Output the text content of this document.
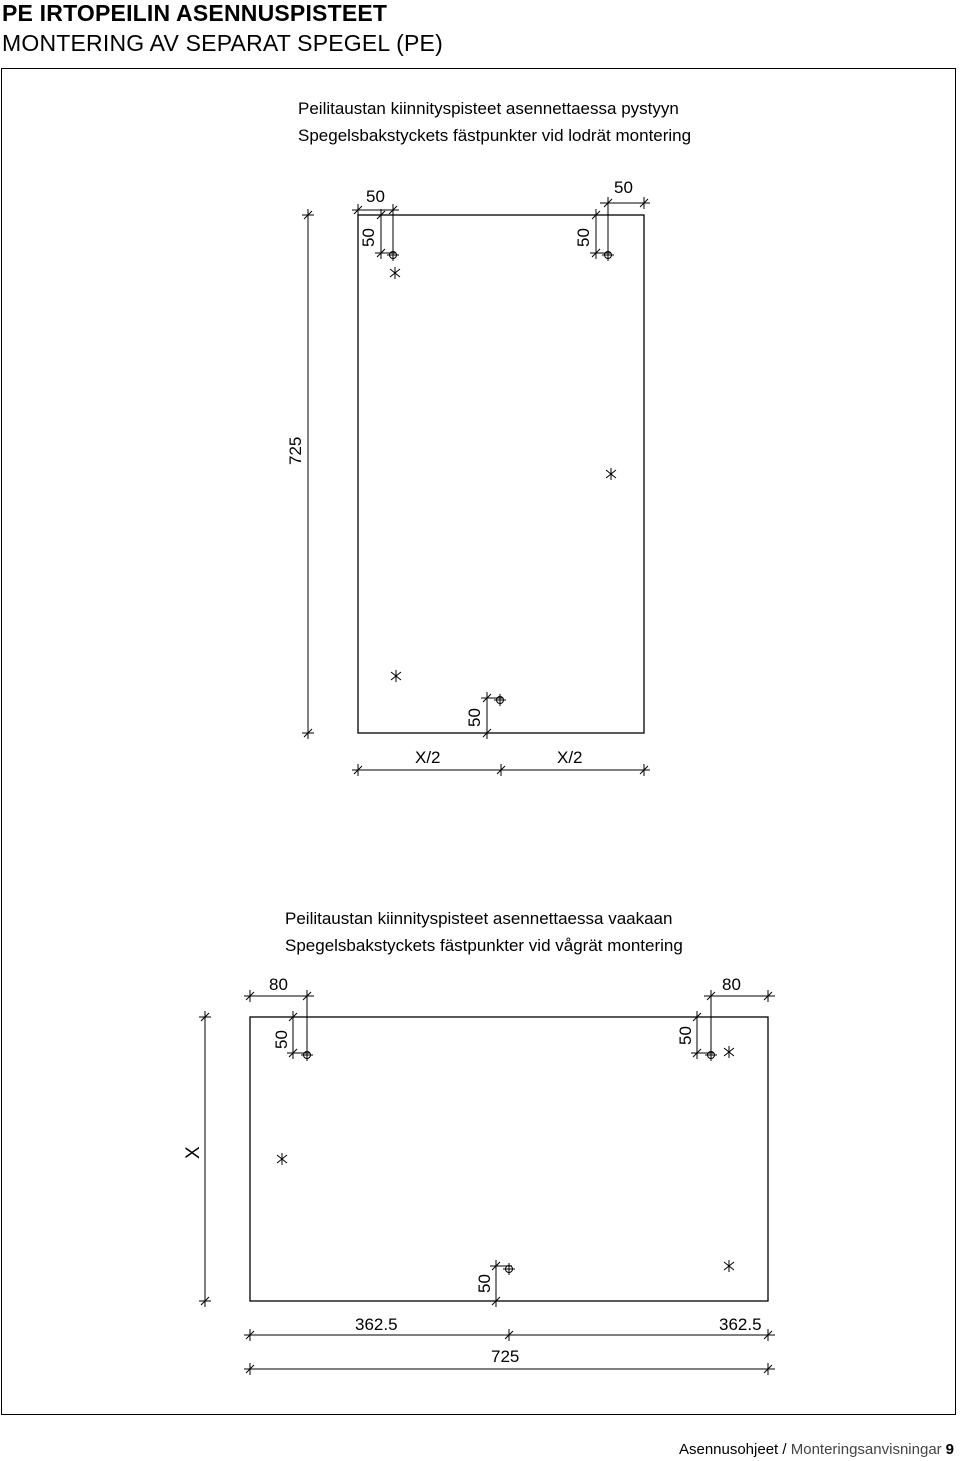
PE IRTOPEILIN ASENNUSPISTEET
MONTERING AV SEPARAT SPEGEL (PE)
Peilitaustan kiinnityspisteet asennettaessa pystyyn
Spegelsbakstyckets fästpunkter vid lodrät montering
50
50
50
50
725
50
X/2	X/2
Peilitaustan kiinnityspisteet asennettaessa vaakaan
Spegelsbakstyckets fästpunkter vid vågrät montering
80
50
80
50
X
50
362.5	362.5
725
Asennusohjeet / Monteringsanvisningar 9
